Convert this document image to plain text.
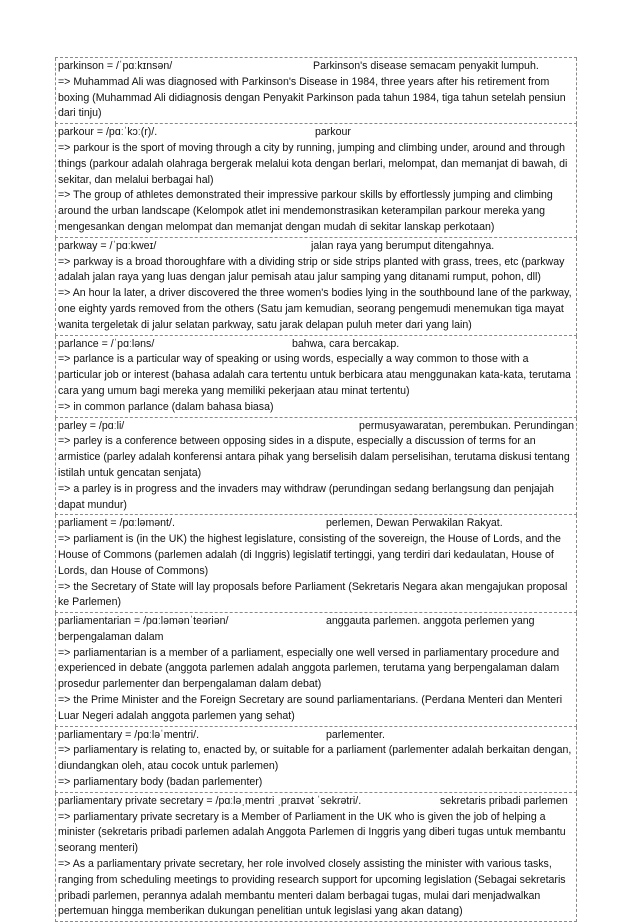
parkinson = /ˈpɑːkɪnsən/	Parkinson's disease semacam penyakit lumpuh.
=> Muhammad Ali was diagnosed with Parkinson's Disease in 1984, three years after his retirement from boxing (Muhammad Ali didiagnosis dengan Penyakit Parkinson pada tahun 1984, tiga tahun setelah pensiun dari tinju)
parkour = /pɑːˈkɔː(r)/.	parkour
=> parkour is the sport of moving through a city by running, jumping and climbing under, around and through things (parkour adalah olahraga bergerak melalui kota dengan berlari, melompat, dan memanjat di bawah, di sekitar, dan melalui berbagai hal)
=> The group of athletes demonstrated their impressive parkour skills by effortlessly jumping and climbing around the urban landscape (Kelompok atlet ini mendemonstrasikan keterampilan parkour mereka yang mengesankan dengan melompat dan memanjat dengan mudah di sekitar lanskap perkotaan)
parkway = /ˈpɑːkweɪ/	jalan raya yang berumput ditengahnya.
=> parkway is a broad thoroughfare with a dividing strip or side strips planted with grass, trees, etc (parkway adalah jalan raya yang luas dengan jalur pemisah atau jalur samping yang ditanami rumput, pohon, dll)
=> An hour la later, a driver discovered the three women's bodies lying in the southbound lane of the parkway, one eighty yards removed from the others (Satu jam kemudian, seorang pengemudi menemukan tiga mayat wanita tergeletak di jalur selatan parkway, satu jarak delapan puluh meter dari yang lain)
parlance = /ˈpɑːləns/	bahwa, cara bercakap.
=> parlance is a particular way of speaking or using words, especially a way common to those with a particular job or interest (bahasa adalah cara tertentu untuk berbicara atau menggunakan kata-kata, terutama cara yang umum bagi mereka yang memiliki pekerjaan atau minat tertentu)
=> in common parlance (dalam bahasa biasa)
parley = /pɑːli/	permusyawaratan, perembukan. Perundingan
=> parley is a conference between opposing sides in a dispute, especially a discussion of terms for an armistice (parley adalah konferensi antara pihak yang berselisih dalam perselisihan, terutama diskusi tentang istilah untuk gencatan senjata)
=> a parley is in progress and the invaders may withdraw (perundingan sedang berlangsung dan penjajah dapat mundur)
parliament = /pɑːləmənt/.	perlemen, Dewan Perwakilan Rakyat.
=> parliament is (in the UK) the highest legislature, consisting of the sovereign, the House of Lords, and the House of Commons (parlemen adalah (di Inggris) legislatif tertinggi, yang terdiri dari kedaulatan, House of Lords, dan House of Commons)
=> the Secretary of State will lay proposals before Parliament (Sekretaris Negara akan mengajukan proposal ke Parlemen)
parliamentarian = /pɑːləmənˈteəriən/	anggauta parlemen. anggota perlemen yang berpengalaman dalam
=> parliamentarian is a member of a parliament, especially one well versed in parliamentary procedure and experienced in debate (anggota parlemen adalah anggota parlemen, terutama yang berpengalaman dalam prosedur parlementer dan berpengalaman dalam debat)
=> the Prime Minister and the Foreign Secretary are sound parliamentarians. (Perdana Menteri dan Menteri Luar Negeri adalah anggota parlemen yang sehat)
parliamentary = /pɑːləˈmentri/.	parlementer.
=> parliamentary is relating to, enacted by, or suitable for a parliament (parlementer adalah berkaitan dengan, diundangkan oleh, atau cocok untuk parlemen)
=> parliamentary body (badan parlementer)
parliamentary private secretary = /pɑːləˌmentri ˌpraɪvət ˈsekrətri/.	sekretaris pribadi parlemen
=> parliamentary private secretary is a Member of Parliament in the UK who is given the job of helping a minister (sekretaris pribadi parlemen adalah Anggota Parlemen di Inggris yang diberi tugas untuk membantu seorang menteri)
=> As a parliamentary private secretary, her role involved closely assisting the minister with various tasks, ranging from scheduling meetings to providing research support for upcoming legislation (Sebagai sekretaris pribadi parlemen, perannya adalah membantu menteri dalam berbagai tugas, mulai dari menjadwalkan pertemuan hingga memberikan dukungan penelitian untuk legislasi yang akan datang)
